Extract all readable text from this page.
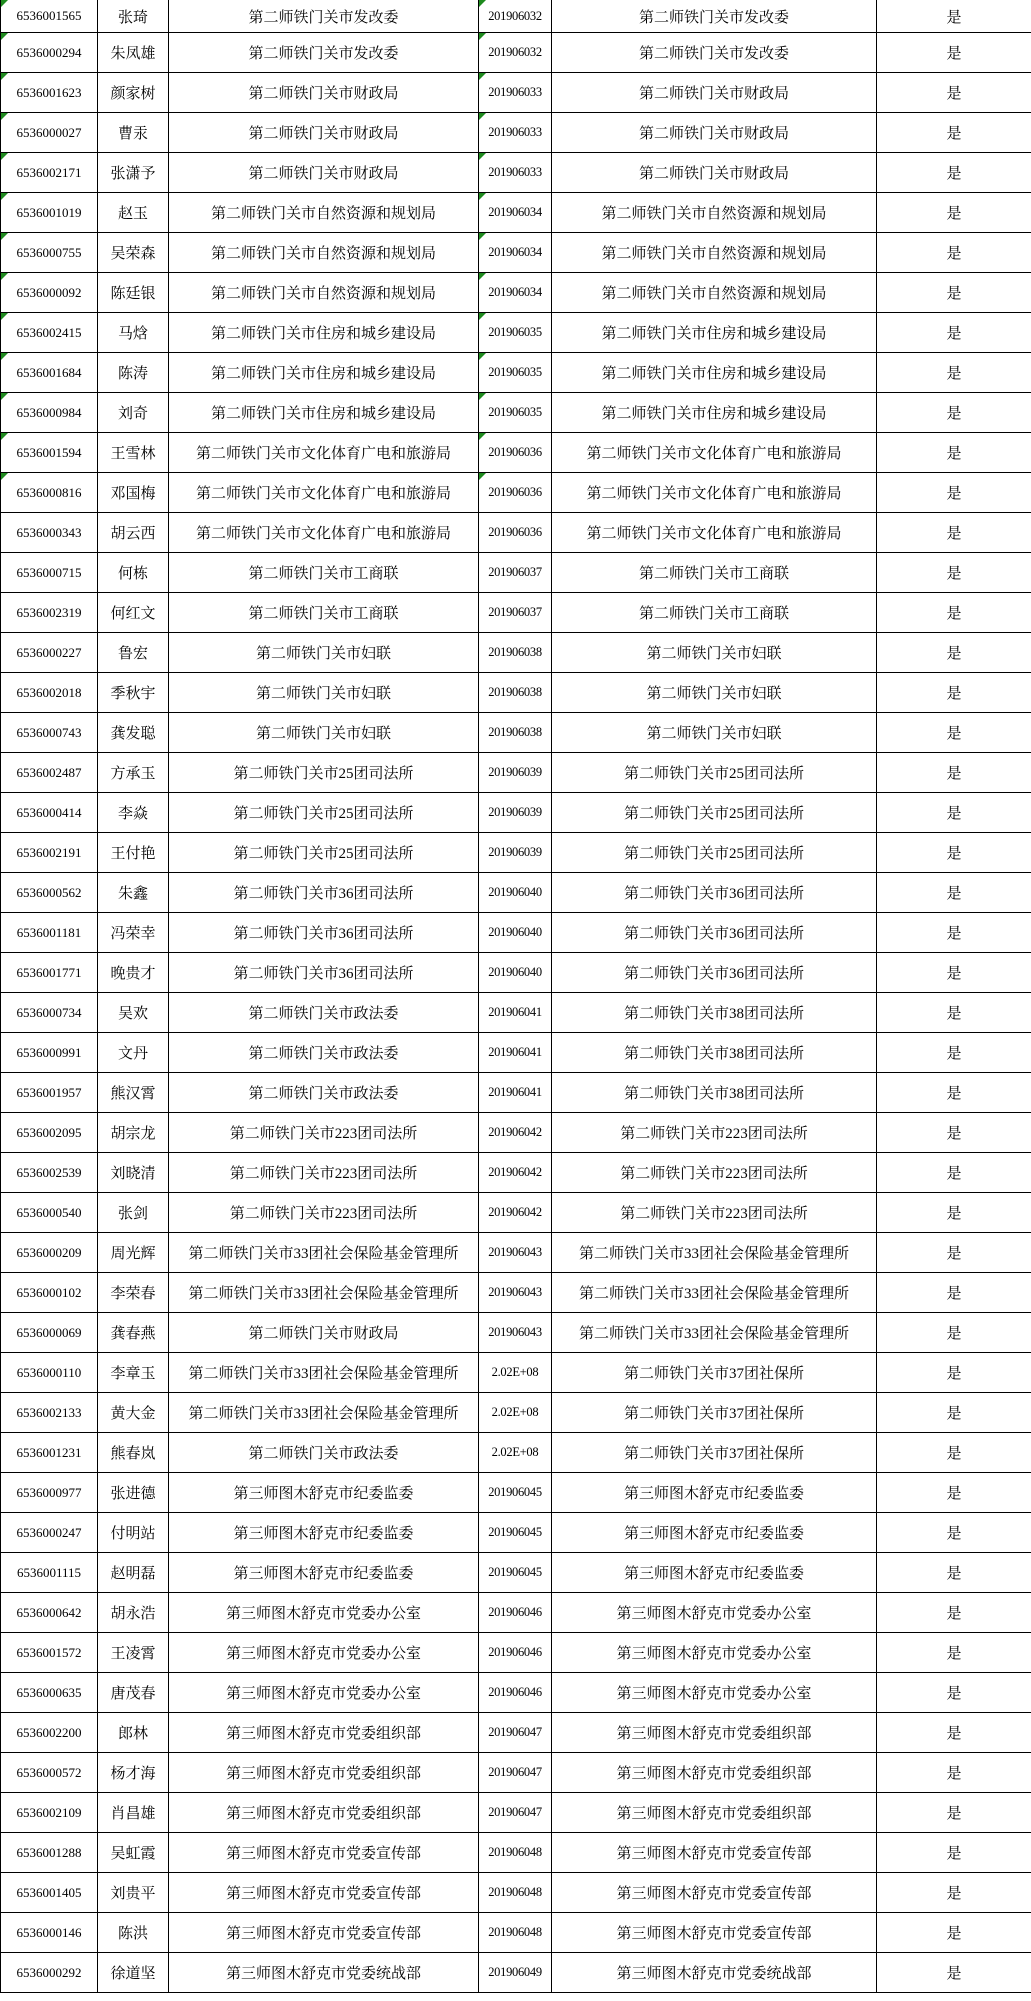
6536001565 张琦	第二师铁门关市发改委	201906032	第二师铁门关市发改委	是
6536000294 朱凤雄	第二师铁门关市发改委	201906032	第二师铁门关市发改委	是
6536001623 颜家树	第二师铁门关市财政局	201906033	第二师铁门关市财政局	是
6536000027 曹汞	第二师铁门关市财政局	201906033	第二师铁门关市财政局	是
6536002171 张潇予	第二师铁门关市财政局	201906033	第二师铁门关市财政局	是
6536001019 赵玉	第二师铁门关市自然资源和规划局	201906034	第二师铁门关市自然资源和规划局	是
6536000755 吴荣森	第二师铁门关市自然资源和规划局	201906034	第二师铁门关市自然资源和规划局	是
6536000092 陈廷银	第二师铁门关市自然资源和规划局	201906034	第二师铁门关市自然资源和规划局	是
6536002415 马焓	第二师铁门关市住房和城乡建设局	201906035	第二师铁门关市住房和城乡建设局	是
6536001684 陈涛	第二师铁门关市住房和城乡建设局	201906035	第二师铁门关市住房和城乡建设局	是
6536000984 刘奇	第二师铁门关市住房和城乡建设局	201906035	第二师铁门关市住房和城乡建设局	是
6536001594 王雪林	第二师铁门关市文化体育广电和旅游局	201906036	第二师铁门关市文化体育广电和旅游局	是
6536000816 邓国梅	第二师铁门关市文化体育广电和旅游局	201906036	第二师铁门关市文化体育广电和旅游局	是
6536000343 胡云西	第二师铁门关市文化体育广电和旅游局	201906036	第二师铁门关市文化体育广电和旅游局	是
6536000715 何栋	第二师铁门关市工商联	201906037	第二师铁门关市工商联	是
6536002319 何红文	第二师铁门关市工商联	201906037	第二师铁门关市工商联	是
6536000227 鲁宏	第二师铁门关市妇联	201906038	第二师铁门关市妇联	是
6536002018 季秋宇	第二师铁门关市妇联	201906038	第二师铁门关市妇联	是
6536000743 龚发聪	第二师铁门关市妇联	201906038	第二师铁门关市妇联	是
6536002487 方承玉	第二师铁门关市25团司法所	201906039	第二师铁门关市25团司法所	是
6536000414 李焱	第二师铁门关市25团司法所	201906039	第二师铁门关市25团司法所	是
6536002191 王付艳	第二师铁门关市25团司法所	201906039	第二师铁门关市25团司法所	是
6536000562 朱鑫	第二师铁门关市36团司法所	201906040	第二师铁门关市36团司法所	是
6536001181 冯荣幸	第二师铁门关市36团司法所	201906040	第二师铁门关市36团司法所	是
6536001771 晚贵才	第二师铁门关市36团司法所	201906040	第二师铁门关市36团司法所	是
6536000734 吴欢	第二师铁门关市政法委	201906041	第二师铁门关市38团司法所	是
6536000991 文丹	第二师铁门关市政法委	201906041	第二师铁门关市38团司法所	是
6536001957 熊汉霄	第二师铁门关市政法委	201906041	第二师铁门关市38团司法所	是
6536002095 胡宗龙	第二师铁门关市223团司法所	201906042	第二师铁门关市223团司法所	是
6536002539 刘晓清	第二师铁门关市223团司法所	201906042	第二师铁门关市223团司法所	是
6536000540 张剑	第二师铁门关市223团司法所	201906042	第二师铁门关市223团司法所	是
6536000209 周光辉 第二师铁门关市33团社会保险基金管理所 201906043 第二师铁门关市33团社会保险基金管理所	是
6536000102 李荣春 第二师铁门关市33团社会保险基金管理所 201906043 第二师铁门关市33团社会保险基金管理所	是
6536000069 龚春燕	第二师铁门关市财政局	201906043 第二师铁门关市33团社会保险基金管理所	是
6536000110 李章玉 第二师铁门关市33团社会保险基金管理所	2.02E+08	第二师铁门关市37团社保所	是
6536002133 黄大金 第二师铁门关市33团社会保险基金管理所	2.02E+08	第二师铁门关市37团社保所	是
6536001231 熊春岚	第二师铁门关市政法委	2.02E+08	第二师铁门关市37团社保所	是
6536000977 张进德	第三师图木舒克市纪委监委	201906045	第三师图木舒克市纪委监委	是
6536000247 付明站	第三师图木舒克市纪委监委	201906045	第三师图木舒克市纪委监委	是
6536001115 赵明磊	第三师图木舒克市纪委监委	201906045	第三师图木舒克市纪委监委	是
6536000642 胡永浩	第三师图木舒克市党委办公室	201906046	第三师图木舒克市党委办公室	是
6536001572 王凌霄	第三师图木舒克市党委办公室	201906046	第三师图木舒克市党委办公室	是
6536000635 唐茂春	第三师图木舒克市党委办公室	201906046	第三师图木舒克市党委办公室	是
6536002200 郎林	第三师图木舒克市党委组织部	201906047	第三师图木舒克市党委组织部	是
6536000572 杨才海	第三师图木舒克市党委组织部	201906047	第三师图木舒克市党委组织部	是
6536002109 肖昌雄	第三师图木舒克市党委组织部	201906047	第三师图木舒克市党委组织部	是
6536001288 吴虹霞	第三师图木舒克市党委宣传部	201906048	第三师图木舒克市党委宣传部	是
6536001405 刘贵平	第三师图木舒克市党委宣传部	201906048	第三师图木舒克市党委宣传部	是
6536000146 陈洪	第三师图木舒克市党委宣传部	201906048	第三师图木舒克市党委宣传部	是
6536000292 徐道坚	第三师图木舒克市党委统战部	201906049	第三师图木舒克市党委统战部	是
